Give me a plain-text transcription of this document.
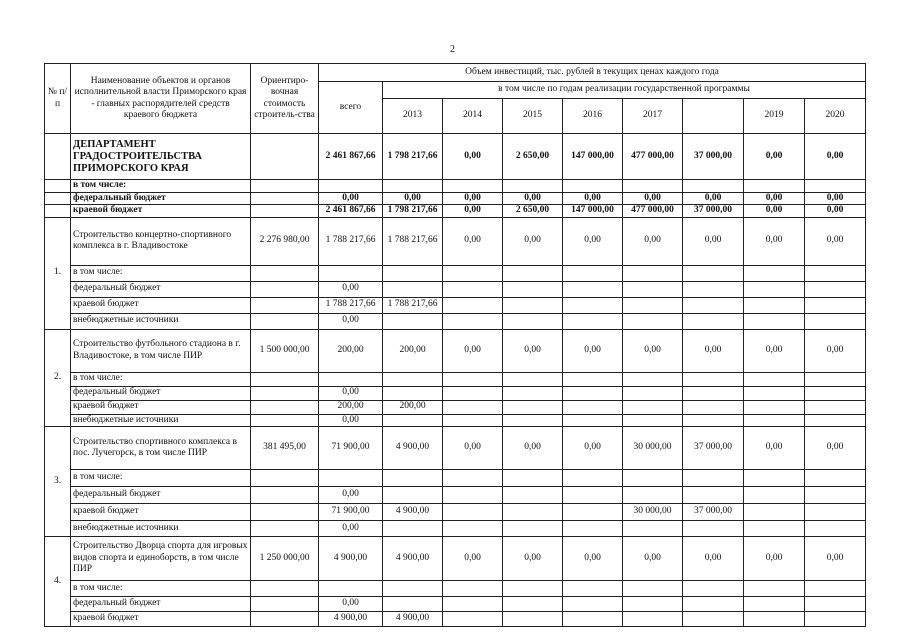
2
№ п/п	Наименование объектов и органов исполнительной власти Приморского края - главных распорядителей средств краевого бюджета	Ориентиро-вочная стоимость строитель-ства	Объем инвестиций, тыс. рублей в текущих ценах каждого года								
			всего	в том числе по годам реализации государственной программы							
				2013	2014	2015	2016	2017		2019	2020
	ДЕПАРТАМЕНТ ГРАДОСТРОИТЕЛЬСТВА ПРИМОРСКОГО КРАЯ		2 461 867,66	1 798 217,66	0,00	2 650,00	147 000,00	477 000,00	37 000,00	0,00	0,00
	в том числе:										
	федеральный бюджет		0,00	0,00	0,00	0,00	0,00	0,00	0,00	0,00	0,00
	краевой бюджет		2 461 867,66	1 798 217,66	0,00	2 650,00	147 000,00	477 000,00	37 000,00	0,00	0,00
1.	Строительство концертно-спортивного комплекса в г. Владивостоке	2 276 980,00	1 788 217,66	1 788 217,66	0,00	0,00	0,00	0,00	0,00	0,00	0,00
	в том числе:										
	федеральный бюджет		0,00								
	краевой бюджет		1 788 217,66	1 788 217,66							
	внебюджетные источники		0,00								
2.	Строительство футбольного стадиона в г. Владивостоке, в том числе ПИР	1 500 000,00	200,00	200,00	0,00	0,00	0,00	0,00	0,00	0,00	0,00
	в том числе:										
	федеральный бюджет		0,00								
	краевой бюджет		200,00	200,00							
	внебюджетные источники		0,00								
3.	Строительство спортивного комплекса в пос. Лучегорск, в том числе ПИР	381 495,00	71 900,00	4 900,00	0,00	0,00	0,00	30 000,00	37 000,00	0,00	0,00
	в том числе:										
	федеральный бюджет		0,00								
	краевой бюджет		71 900,00	4 900,00				30 000,00	37 000,00		
	внебюджетные источники		0,00								
4.	Строительство Дворца спорта для игровых видов спорта и единоборств, в том числе ПИР	1 250 000,00	4 900,00	4 900,00	0,00	0,00	0,00	0,00	0,00	0,00	0,00
	в том числе:										
	федеральный бюджет		0,00								
	краевой бюджет		4 900,00	4 900,00							
